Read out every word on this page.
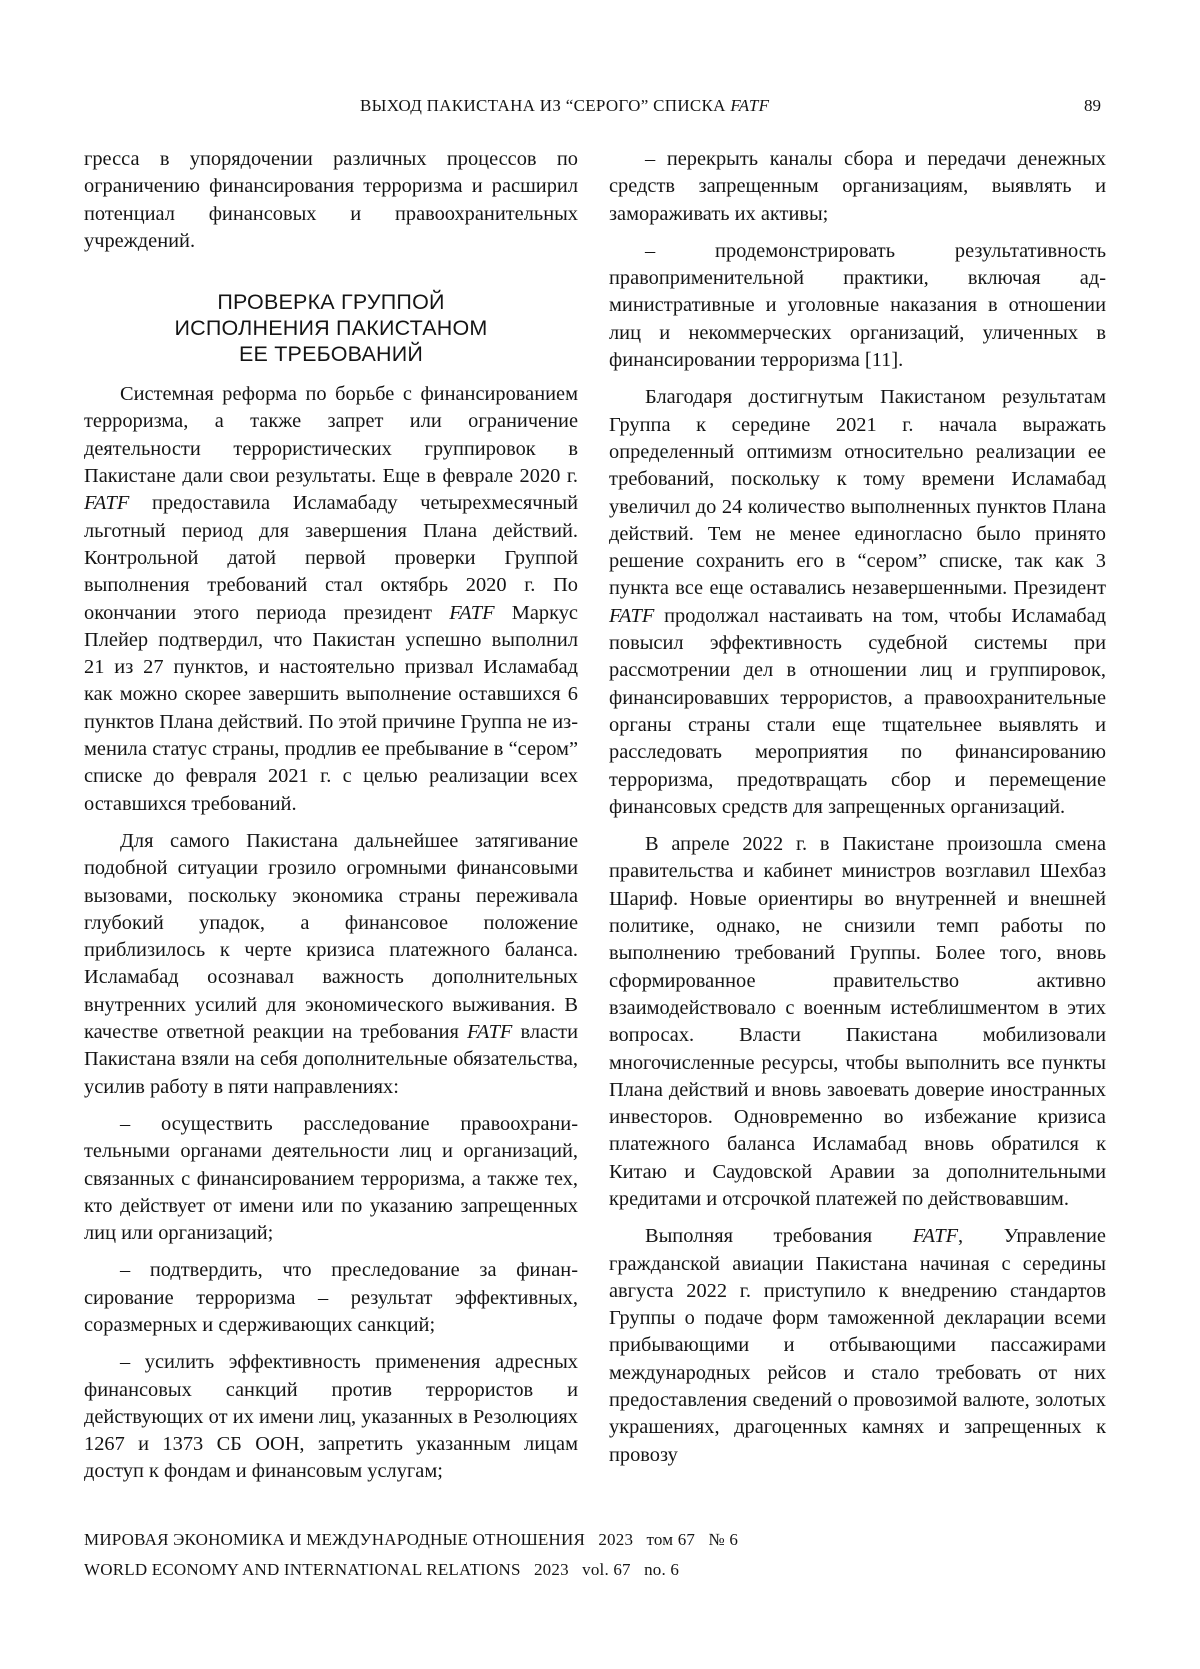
ВЫХОД ПАКИСТАНА ИЗ “СЕРОГО” СПИСКА FATF	89

гресса в упорядочении различных процессов по ограничению финансирования терроризма и расширил потенциал финансовых и правоохранительных учреждений.

ПРОВЕРКА ГРУППОЙ
ИСПОЛНЕНИЯ ПАКИСТАНОМ
ЕЕ ТРЕБОВАНИЙ

Системная реформа по борьбе с финансированием терроризма, а также запрет или ограничение деятельности террористических группировок в Пакистане дали свои результаты. Еще в феврале 2020 г. FATF предоставила Исламабаду четырехмесячный льготный период для завершения Плана действий. Контрольной датой первой проверки Группой выполнения требований стал октябрь 2020 г. По окончании этого периода президент FATF Маркус Плейер подтвердил, что Пакистан успешно выполнил 21 из 27 пунктов, и настоятельно призвал Исламабад как можно скорее завершить выполнение оставшихся 6 пунктов Плана действий. По этой причине Группа не изменила статус страны, продлив ее пребывание в “сером” списке до февраля 2021 г. с целью реализации всех оставшихся требований.

Для самого Пакистана дальнейшее затягивание подобной ситуации грозило огромными финансовыми вызовами, поскольку экономика страны переживала глубокий упадок, а финансовое положение приблизилось к черте кризиса платежного баланса. Исламабад осознавал важность дополнительных внутренних усилий для экономического выживания. В качестве ответной реакции на требования FATF власти Пакистана взяли на себя дополнительные обязательства, усилив работу в пяти направлениях:

– осуществить расследование правоохранительными органами деятельности лиц и организаций, связанных с финансированием терроризма, а также тех, кто действует от имени или по указанию запрещенных лиц или организаций;

– подтвердить, что преследование за финансирование терроризма – результат эффективных, соразмерных и сдерживающих санкций;

– усилить эффективность применения адресных финансовых санкций против террористов и действующих от их имени лиц, указанных в Резолюциях 1267 и 1373 СБ ООН, запретить указанным лицам доступ к фондам и финансовым услугам;

– перекрыть каналы сбора и передачи денежных средств запрещенным организациям, выявлять и замораживать их активы;

– продемонстрировать результативность правоприменительной практики, включая административные и уголовные наказания в отношении лиц и некоммерческих организаций, уличенных в финансировании терроризма [11].

Благодаря достигнутым Пакистаном результатам Группа к середине 2021 г. начала выражать определенный оптимизм относительно реализации ее требований, поскольку к тому времени Исламабад увеличил до 24 количество выполненных пунктов Плана действий. Тем не менее единогласно было принято решение сохранить его в “сером” списке, так как 3 пункта все еще оставались незавершенными. Президент FATF продолжал настаивать на том, чтобы Исламабад повысил эффективность судебной системы при рассмотрении дел в отношении лиц и группировок, финансировавших террористов, а правоохранительные органы страны стали еще тщательнее выявлять и расследовать мероприятия по финансированию терроризма, предотвращать сбор и перемещение финансовых средств для запрещенных организаций.

В апреле 2022 г. в Пакистане произошла смена правительства и кабинет министров возглавил Шехбаз Шариф. Новые ориентиры во внутренней и внешней политике, однако, не снизили темп работы по выполнению требований Группы. Более того, вновь сформированное правительство активно взаимодействовало с военным истеблишментом в этих вопросах. Власти Пакистана мобилизовали многочисленные ресурсы, чтобы выполнить все пункты Плана действий и вновь завоевать доверие иностранных инвесторов. Одновременно во избежание кризиса платежного баланса Исламабад вновь обратился к Китаю и Саудовской Аравии за дополнительными кредитами и отсрочкой платежей по действовавшим.

Выполняя требования FATF, Управление гражданской авиации Пакистана начиная с середины августа 2022 г. приступило к внедрению стандартов Группы о подаче форм таможенной декларации всеми прибывающими и отбывающими пассажирами международных рейсов и стало требовать от них предоставления сведений о провозимой валюте, золотых украшениях, драгоценных камнях и запрещенных к провозу

МИРОВАЯ ЭКОНОМИКА И МЕЖДУНАРОДНЫЕ ОТНОШЕНИЯ   2023   том 67   № 6
WORLD ECONOMY AND INTERNATIONAL RELATIONS   2023   vol. 67   no. 6
